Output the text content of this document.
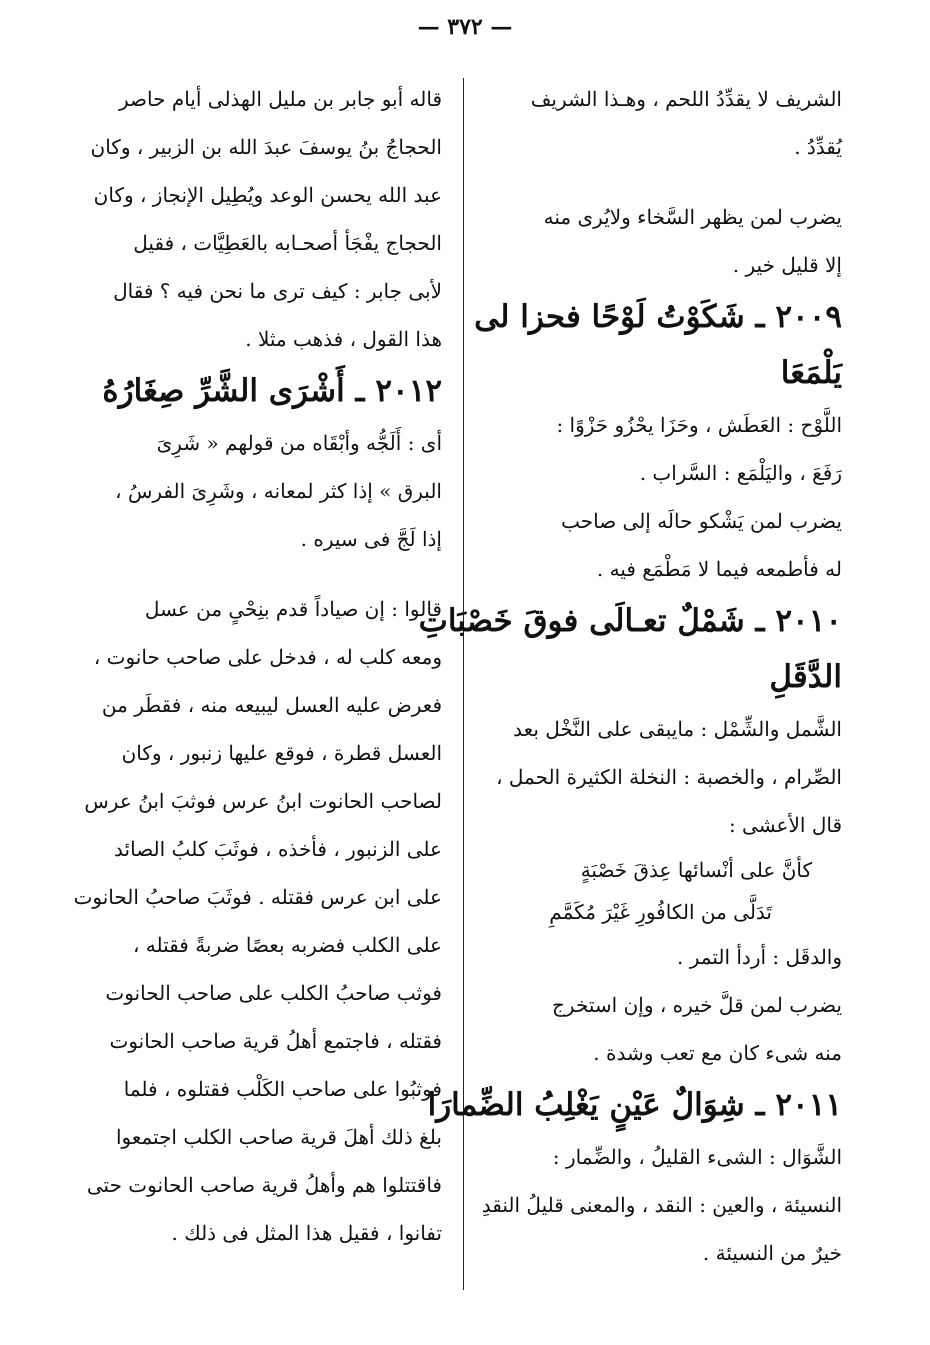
— ٣٧٢ —
الشريف لا يقدِّدُ اللحم ، وهـذا الشريف
يُقدِّدُ .
يضرب لمن يظهر السَّخاء ولايُرى منه
إلا قليل خير .
٢٠٠٩ ـ شَكَوْتُ لَوْحًا فحزا لى
يَلْمَعَا
اللَّوْح : العَطَش ، وحَزَا يحْزُو حَزْوًا :
رَفَعَ ، واليَلْمَع : السَّراب .
يضرب لمن يَشْكو حالَه إلى صاحب
له فأطمعه فيما لا مَطْمَع فيه .
٢٠١٠ ـ شَمْلٌ تعـالَى فوقَ خَصْبَاتِ
الدَّقَلِ
الشَّمل والشِّمْل : مايبقى على النَّخْل بعد
الصِّرام ، والخصبة : النخلة الكثيرة الحمل ،
قال الأعشى :
كأنَّ على أنْسائها عِذقَ خَصْبَةٍ
تَدَلَّى من الكافُورِ غَيْرَ مُكَمَّمِ
والدقَل : أردأ التمر .
يضرب لمن قلَّ خيره ، وإن استخرج
منه شىء كان مع تعب وشدة .
٢٠١١ ـ شِوَالٌ عَيْنٍ يَغْلِبُ الضِّمارَا
الشَّوَال : الشىء القليلُ ، والضِّمار :
النسيئة ، والعين : النقد ، والمعنى قليلُ النقدِ
خيرٌ من النسيئة .
قاله أبو جابر بن مليل الهذلى أيام حاصر
الحجاجُ بنُ يوسفَ عبدَ الله بن الزبير ، وكان
عبد الله يحسن الوعد ويُطِيل الإنجاز ، وكان
الحجاج يفْجَأ أصحـابه بالعَطِيَّات ، فقيل
لأبى جابر : كيف ترى ما نحن فيه ؟ فقال
هذا القول ، فذهب مثلا .
٢٠١٢ ـ أَشْرَى الشَّرِّ صِغَارُهُ
أى : أَلَجُّه وأبْقَاه من قولهم « شَرِىَ
البرق » إذا كثر لمعانه ، وشَرِىَ الفرسُ ،
إذا لَجَّ فى سيره .
قالوا : إن صياداً قدم بنِحْىٍ من عسل
ومعه كلب له ، فدخل على صاحب حانوت ،
فعرض عليه العسل ليبيعه منه ، فقطَر من
العسل قطرة ، فوقع عليها زنبور ، وكان
لصاحب الحانوت ابنُ عرس فوثبَ ابنُ عرس
على الزنبور ، فأخذه ، فوثَبَ كلبُ الصائد
على ابن عرس فقتله . فوثَبَ صاحبُ الحانوت
على الكلب فضربه بعصًا ضربةً فقتله ،
فوثب صاحبُ الكلب على صاحب الحانوت
فقتله ، فاجتمع أهلُ قرية صاحب الحانوت
فوثبُوا على صاحب الكَلْب فقتلوه ، فلما
بلغ ذلك أهلَ قرية صاحب الكلب اجتمعوا
فاقتتلوا هم وأهلُ قرية صاحب الحانوت حتى
تفانوا ، فقيل هذا المثل فى ذلك .
